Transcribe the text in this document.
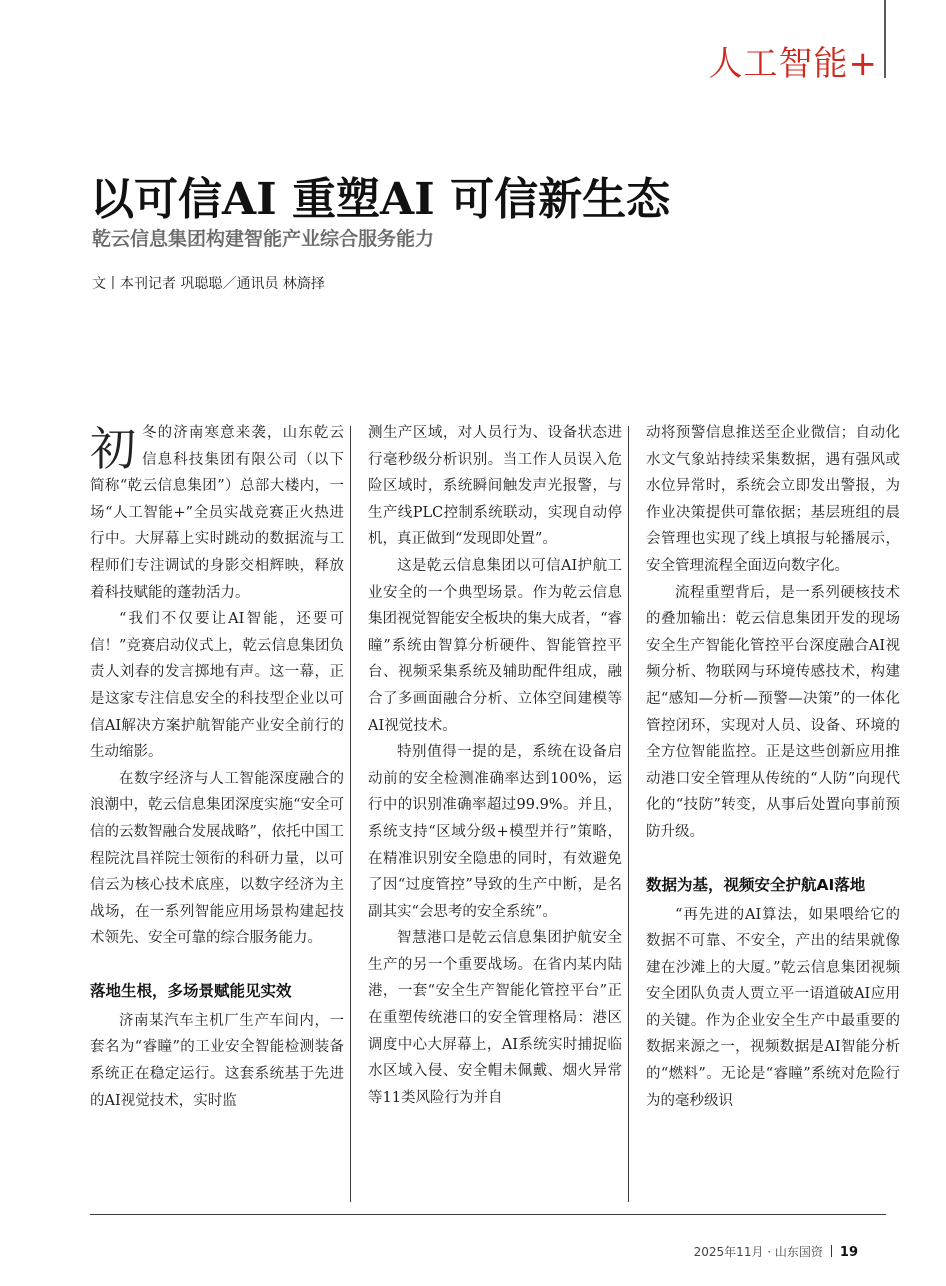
人工智能+
以可信AI 重塑AI 可信新生态
乾云信息集团构建智能产业综合服务能力
文丨本刊记者 巩聪聪／通讯员 林旖择

初冬的济南寒意来袭，山东乾云信息科技集团有限公司（以下简称“乾云信息集团”）总部大楼内，一场“人工智能+”全员实战竞赛正火热进行中。大屏幕上实时跳动的数据流与工程师们专注调试的身影交相辉映，释放着科技赋能的蓬勃活力。

“我们不仅要让AI智能，还要可信！”竞赛启动仪式上，乾云信息集团负责人刘春的发言掷地有声。这一幕，正是这家专注信息安全的科技型企业以可信AI解决方案护航智能产业安全前行的生动缩影。

在数字经济与人工智能深度融合的浪潮中，乾云信息集团深度实施“安全可信的云数智融合发展战略”，依托中国工程院沈昌祥院士领衔的科研力量，以可信云为核心技术底座，以数字经济为主战场，在一系列智能应用场景构建起技术领先、安全可靠的综合服务能力。

落地生根，多场景赋能见实效

济南某汽车主机厂生产车间内，一套名为“睿瞳”的工业安全智能检测装备系统正在稳定运行。这套系统基于先进的AI视觉技术，实时监

测生产区域，对人员行为、设备状态进行毫秒级分析识别。当工作人员误入危险区域时，系统瞬间触发声光报警，与生产线PLC控制系统联动，实现自动停机，真正做到“发现即处置”。

这是乾云信息集团以可信AI护航工业安全的一个典型场景。作为乾云信息集团视觉智能安全板块的集大成者，“睿瞳”系统由智算分析硬件、智能管控平台、视频采集系统及辅助配件组成，融合了多画面融合分析、立体空间建模等AI视觉技术。

特别值得一提的是，系统在设备启动前的安全检测准确率达到100%，运行中的识别准确率超过99.9%。并且，系统支持“区域分级+模型并行”策略，在精准识别安全隐患的同时，有效避免了因“过度管控”导致的生产中断，是名副其实“会思考的安全系统”。

智慧港口是乾云信息集团护航安全生产的另一个重要战场。在省内某内陆港，一套“安全生产智能化管控平台”正在重塑传统港口的安全管理格局：港区调度中心大屏幕上，AI系统实时捕捉临水区域入侵、安全帽未佩戴、烟火异常等11类风险行为并自

动将预警信息推送至企业微信；自动化水文气象站持续采集数据，遇有强风或水位异常时，系统会立即发出警报，为作业决策提供可靠依据；基层班组的晨会管理也实现了线上填报与轮播展示，安全管理流程全面迈向数字化。

流程重塑背后，是一系列硬核技术的叠加输出：乾云信息集团开发的现场安全生产智能化管控平台深度融合AI视频分析、物联网与环境传感技术，构建起“感知—分析—预警—决策”的一体化管控闭环，实现对人员、设备、环境的全方位智能监控。正是这些创新应用推动港口安全管理从传统的“人防”向现代化的“技防”转变，从事后处置向事前预防升级。

数据为基，视频安全护航AI落地

“再先进的AI算法，如果喂给它的数据不可靠、不安全，产出的结果就像建在沙滩上的大厦。”乾云信息集团视频安全团队负责人贾立平一语道破AI应用的关键。作为企业安全生产中最重要的数据来源之一，视频数据是AI智能分析的“燃料”。无论是“睿瞳”系统对危险行为的毫秒级识

2025年11月 · 山东国资 19
